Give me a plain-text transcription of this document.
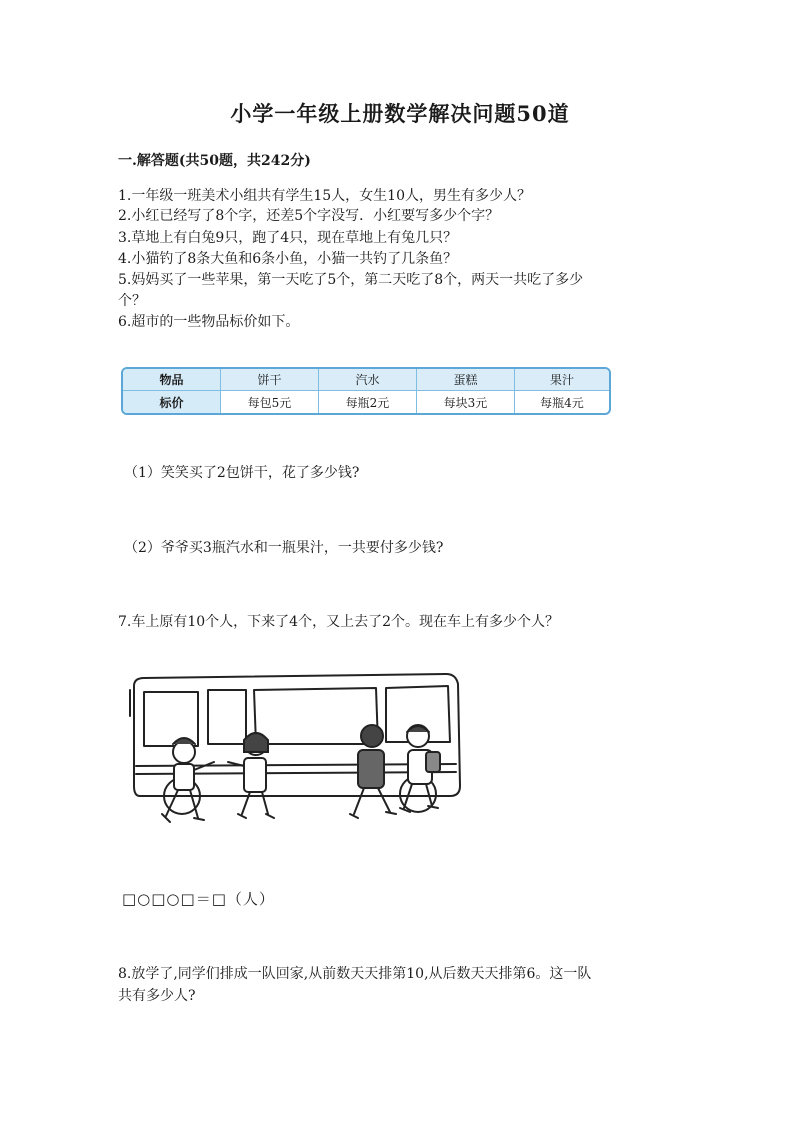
小学一年级上册数学解决问题50道
一.解答题(共50题，共242分)
1.一年级一班美术小组共有学生15人，女生10人，男生有多少人？
2.小红已经写了8个字，还差5个字没写．小红要写多少个字？
3.草地上有白兔9只，跑了4只，现在草地上有兔几只？
4.小猫钓了8条大鱼和6条小鱼，小猫一共钓了几条鱼？
5.妈妈买了一些苹果，第一天吃了5个，第二天吃了8个，两天一共吃了多少
个？
6.超市的一些物品标价如下。
物品	饼干	汽水	蛋糕	果汁
标价	每包5元	每瓶2元	每块3元	每瓶4元
（1）笑笑买了2包饼干，花了多少钱?
（2）爷爷买3瓶汽水和一瓶果汁，一共要付多少钱?
7.车上原有10个人，下来了4个，又上去了2个。现在车上有多少个人？
□○□○□＝□（人）
8.放学了,同学们排成一队回家,从前数天天排第10,从后数天天排第6。这一队
共有多少人?
